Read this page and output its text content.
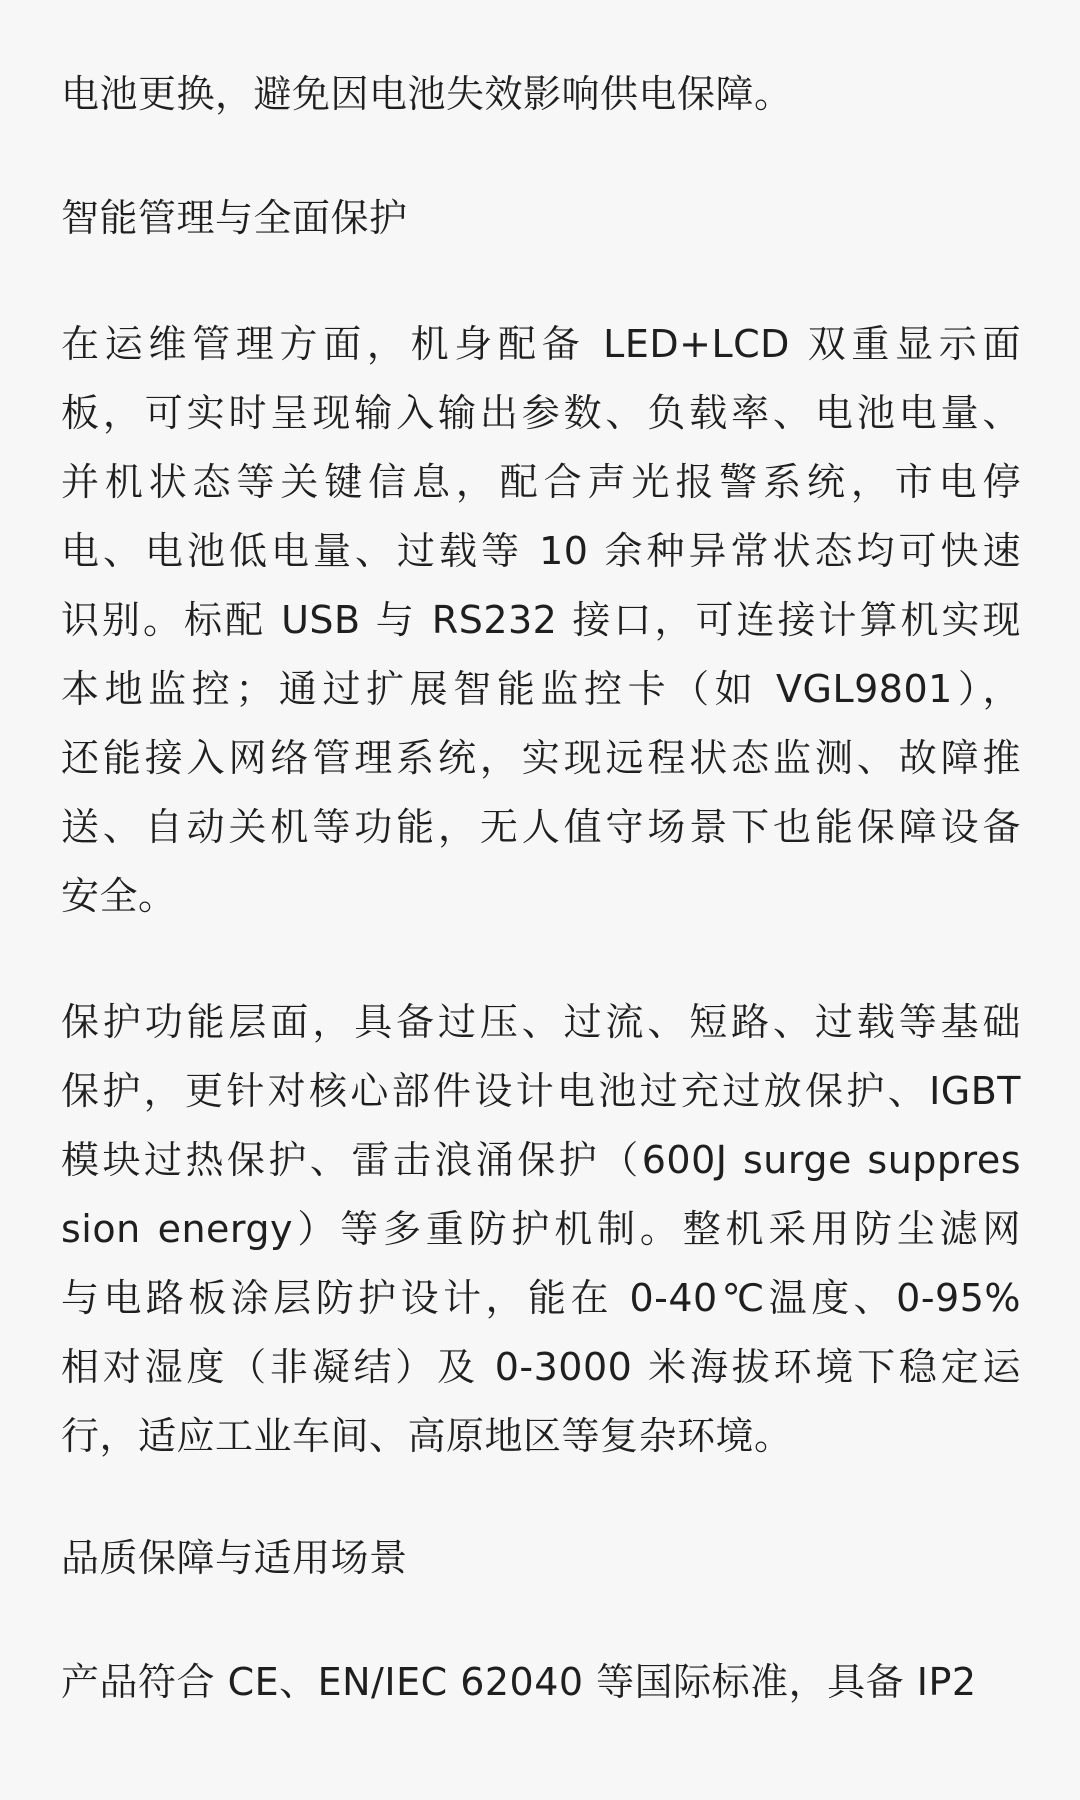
电池更换，避免因电池失效影响供电保障。
智能管理与全面保护
在运维管理方面，机身配备 LED+LCD 双重显示面
板，可实时呈现输入输出参数、负载率、电池电量、
并机状态等关键信息，配合声光报警系统，市电停
电、电池低电量、过载等 10 余种异常状态均可快速
识别。标配 USB 与 RS232 接口，可连接计算机实现
本地监控；通过扩展智能监控卡（如 VGL9801），
还能接入网络管理系统，实现远程状态监测、故障推
送、自动关机等功能，无人值守场景下也能保障设备
安全。
保护功能层面，具备过压、过流、短路、过载等基础
保护，更针对核心部件设计电池过充过放保护、IGBT
模块过热保护、雷击浪涌保护（600J surge suppres
sion energy）等多重防护机制。整机采用防尘滤网
与电路板涂层防护设计，能在 0-40℃温度、0-95%
相对湿度（非凝结）及 0-3000 米海拔环境下稳定运
行，适应工业车间、高原地区等复杂环境。
品质保障与适用场景
产品符合 CE、EN/IEC 62040 等国际标准，具备 IP2
